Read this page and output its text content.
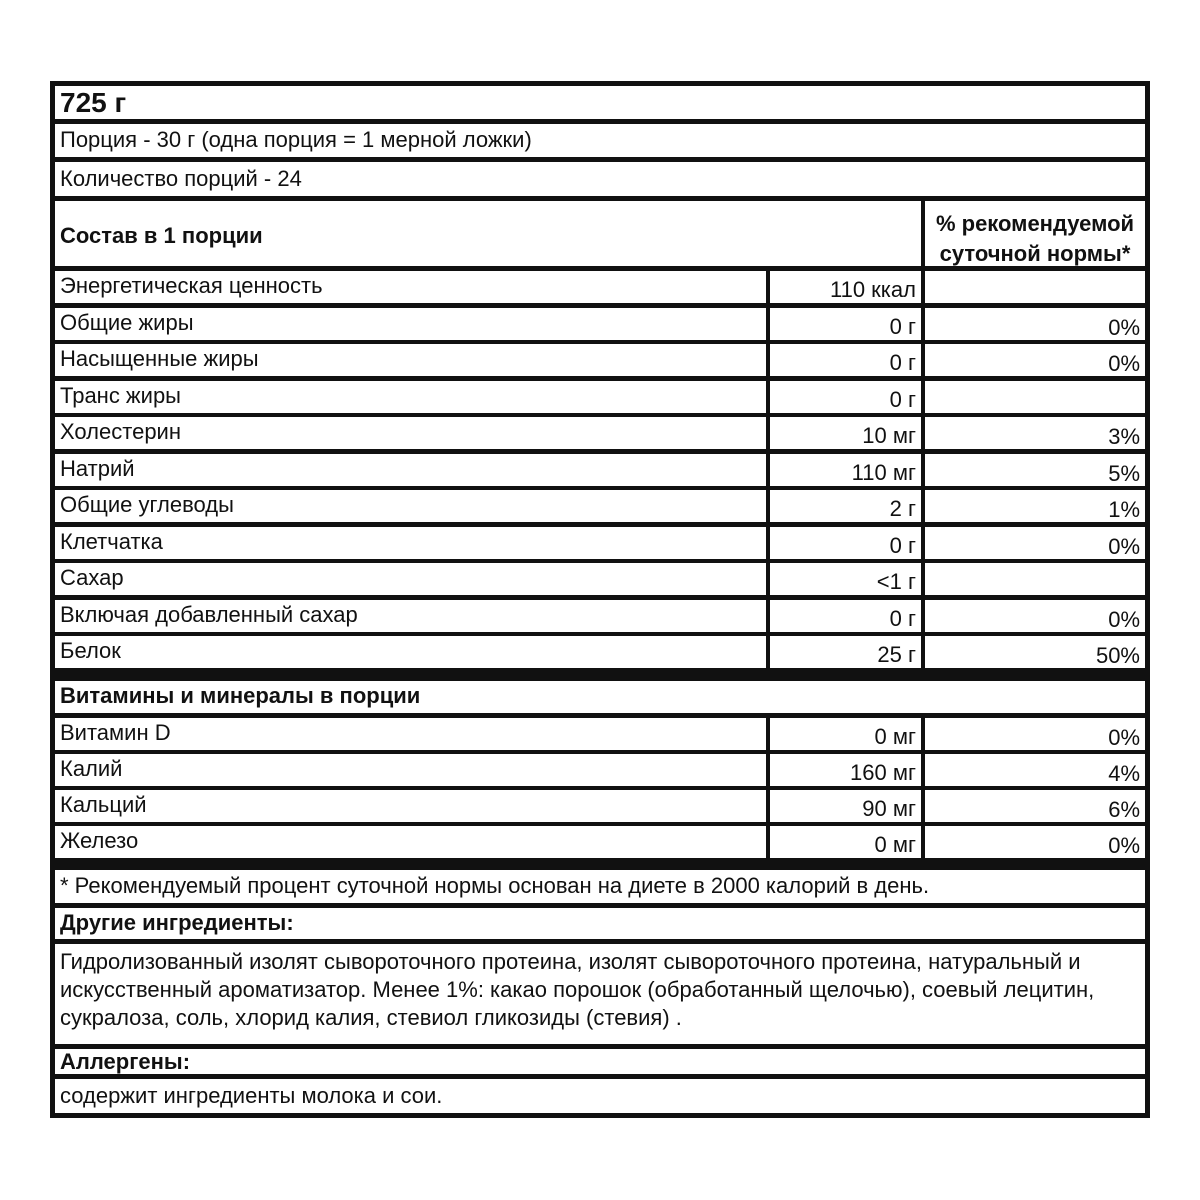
725 г
Порция - 30 г (одна порция = 1 мерной ложки)
Количество порций - 24
Состав в 1 порции	% рекомендуемой
суточной нормы*
Энергетическая ценность	110 ккал
Общие жиры	0 г	0%
Насыщенные жиры	0 г	0%
Транс жиры	0 г
Холестерин	10 мг	3%
Натрий	110 мг	5%
Общие углеводы	2 г	1%
Клетчатка	0 г	0%
Сахар	<1 г
Включая добавленный сахар	0 г	0%
Белок	25 г	50%
Витамины и минералы в порции
Витамин D	0 мг	0%
Калий	160 мг	4%
Кальций	90 мг	6%
Железо	0 мг	0%
* Рекомендуемый процент суточной нормы основан на диете в 2000 калорий в день.
Другие ингредиенты:
Гидролизованный изолят сывороточного протеина, изолят сывороточного протеина, натуральный и искусственный ароматизатор. Менее 1%: какао порошок (обработанный щелочью), соевый лецитин, сукралоза, соль, хлорид калия, стевиол гликозиды (стевия) .
Аллергены:
содержит ингредиенты молока и сои.
